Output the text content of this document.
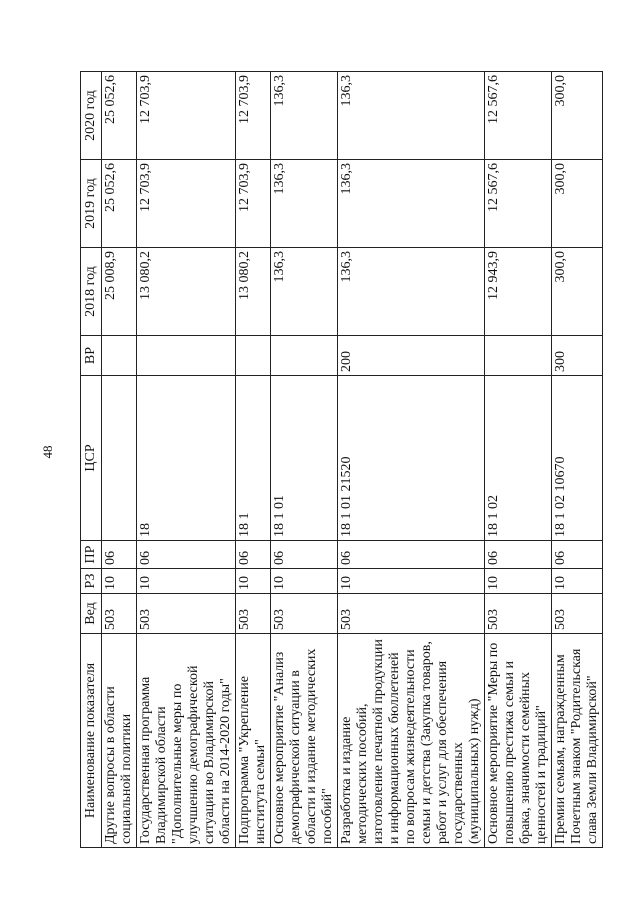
48
Наименование показателя	Вед	РЗ	ПР	ЦСР	ВР	2018 год	2019 год	2020 год
Другие вопросы в области социальной политики	503	10	06			25 008,9	25 052,6	25 052,6
Государственная программа Владимирской области "Дополнительные меры по улучшению демографической ситуации во Владимирской области на 2014-2020 годы"	503	10	06	18		13 080,2	12 703,9	12 703,9
Подпрограмма "Укрепление института семьи"	503	10	06	18 1		13 080,2	12 703,9	12 703,9
Основное мероприятие "Анализ демографической ситуации в области и издание методических пособий"	503	10	06	18 1 01		136,3	136,3	136,3
Разработка и издание методических пособий, изготовление печатной продукции и информационных бюллетеней по вопросам жизнедеятельности семьи и детства (Закупка товаров, работ и услуг для обеспечения государственных (муниципальных) нужд)	503	10	06	18 1 01 21520	200	136,3	136,3	136,3
Основное мероприятие "Меры по повышению престижа семьи и брака, значимости семейных ценностей и традиций"	503	10	06	18 1 02		12 943,9	12 567,6	12 567,6
Премии семьям, награжденным Почетным знаком "Родительская слава Земли Владимирской"	503	10	06	18 1 02 10670	300	300,0	300,0	300,0
